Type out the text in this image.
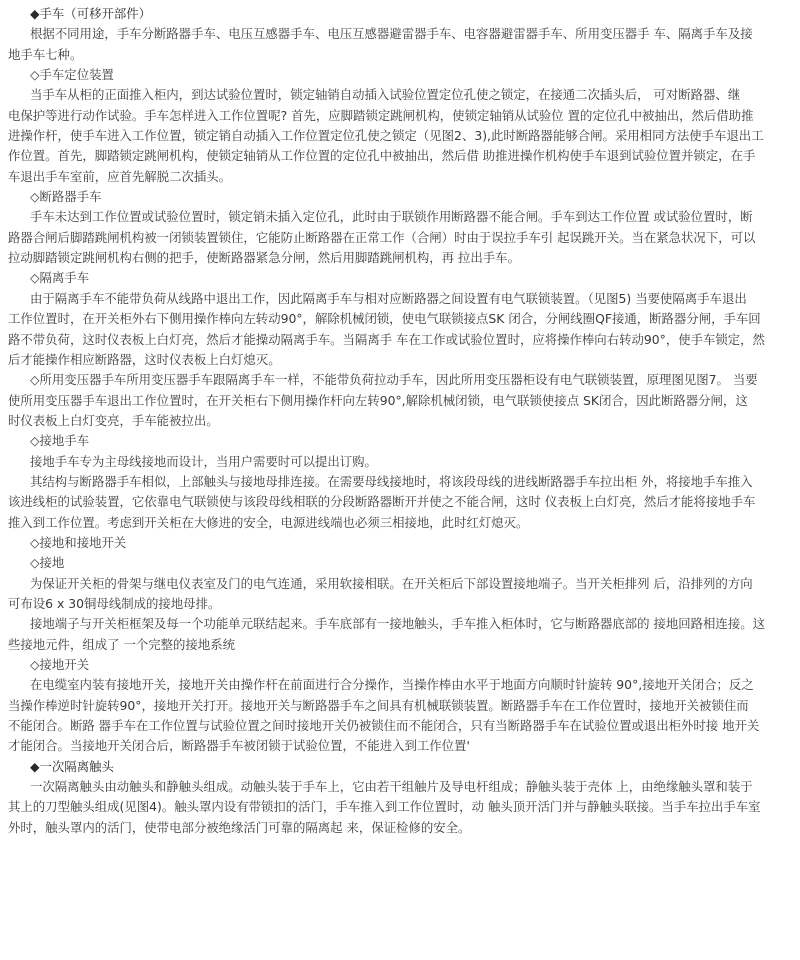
◆手车（可移开部件）
根据不同用途，手车分断路器手车、电压互感器手车、电压互感器避雷器手车、电容器避雷器手车、所用变压器手 车、隔离手车及接
地手车七种。
◇手车定位装置
当手车从柜的正面推入柜内，到达试验位置时，锁定轴销自动插入试验位置定位孔使之锁定，在接通二次插头后， 可对断路器、继
电保护等进行动作试验。手车怎样进入工作位置呢? 首先，应脚踏锁定跳闸机构，使锁定轴销从试验位 置的定位孔中被抽出，然后借助推
进操作杆，使手车进入工作位置，锁定销自动插入工作位置定位孔使之锁定（见图2、3),此时断路器能够合闸。采用相同方法使手车退出工
作位置。首先，脚踏锁定跳闸机构，使锁定轴销从工作位置的定位孔中被抽出，然后借 助推进操作机构使手车退到试验位置并锁定，在手
车退出手车室前，应首先解脱二次插头。
◇断路器手车
手车未达到工作位置或试验位置时，锁定销未插入定位孔，此时由于联锁作用断路器不能合闸。手车到达工作位置 或试验位置时，断
路器合闸后脚踏跳闸机构被一闭锁装置锁住，它能防止断路器在正常工作（合闸）时由于误拉手车引 起误跳开关。当在紧急状况下，可以
拉动脚踏锁定跳闸机构右侧的把手，使断路器紧急分闸，然后用脚踏跳闸机构，再 拉出手车。
◇隔离手车
由于隔离手车不能带负荷从线路中退出工作，因此隔离手车与相对应断路器之间设置有电气联锁装置。（见图5) 当要使隔离手车退出
工作位置时，在开关柜外右下侧用操作棒向左转动90°，解除机械闭锁，使电气联锁接点SK 闭合，分闸线圈QF接通，断路器分闸，手车回
路不带负荷，这时仪表板上白灯亮，然后才能操动隔离手车。当隔离手 车在工作或试验位置时，应将操作棒向右转动90°，使手车锁定，然
后才能操作相应断路器，这时仪表板上白灯熄灭。
◇所用变压器手车所用变压器手车跟隔离手车一样，不能带负荷拉动手车，因此所用变压器柜设有电气联锁装置，原理图见图7。 当要
使所用变压器手车退出工作位置时，在开关柜右下侧用操作杆向左转90°,解除机械闭锁，电气联锁使接点 SK闭合，因此断路器分闸，这
时仪表板上白灯变亮，手车能被拉出。
◇接地手车
接地手车专为主母线接地而设计，当用户需要时可以提出订购。
其结构与断路器手车相似，上部触头与接地母排连接。在需要母线接地时，将该段母线的进线断路器手车拉出柜 外，将接地手车推入
该进线柜的试验装置，它依靠电气联锁使与该段母线相联的分段断路器断开并使之不能合闸，这时 仪表板上白灯亮，然后才能将接地手车
推入到工作位置。考虑到开关柜在大修进的安全，电源进线端也必须三相接地，此时红灯熄灭。
◇接地和接地开关
◇接地
为保证开关柜的骨架与继电仪表室及门的电气连通，采用软接相联。在开关柜后下部设置接地端子。当开关柜排列 后，沿排列的方向
可布设6 x 30铜母线制成的接地母排。
接地端子与开关柜框架及每一个功能单元联结起来。手车底部有一接地触头，手车推入柜体时，它与断路器底部的 接地回路相连接。这
些接地元件，组成了 一个完整的接地系统
◇接地开关
在电缆室内装有接地开关，接地开关由操作杆在前面进行合分操作，当操作棒由水平于地面方向顺时针旋转 90°,接地开关闭合；反之
当操作棒逆时针旋转90°，接地开关打开。接地开关与断路器手车之间具有机械联锁装置。断路器手车在工作位置时，接地开关被锁住而
不能闭合。断路 器手车在工作位置与试验位置之间时接地开关仍被锁住而不能闭合，只有当断路器手车在试验位置或退出柜外时接 地开关
才能闭合。当接地开关闭合后，断路器手车被闭锁于试验位置，不能进入到工作位置'
◆一次隔离触头
一次隔离触头由动触头和静触头组成。动触头装于手车上，它由若干组触片及导电杆组成；静触头装于壳体 上，由绝缘触头罩和装于
其上的刀型触头组成(见图4)。触头罩内设有带锁扣的活门，手车推入到工作位置时，动 触头顶开活门并与静触头联接。当手车拉出手车室
外时，触头罩内的活门，使带电部分被绝缘活门可靠的隔离起 来，保证检修的安全。
